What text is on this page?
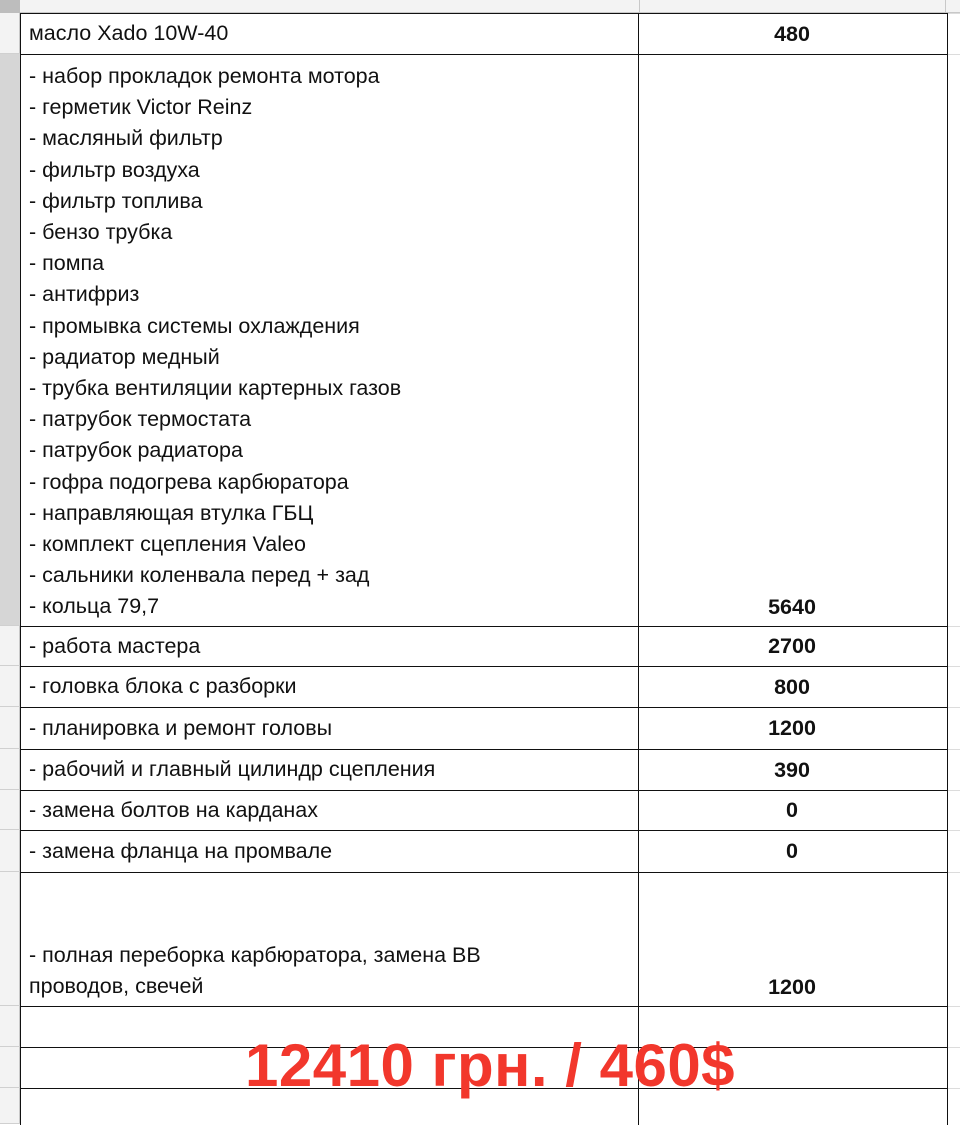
масло Xado 10W-40	480
- набор прокладок ремонта мотора
- герметик Victor Reinz
- масляный фильтр
- фильтр воздуха
- фильтр топлива
- бензо трубка
- помпа
- антифриз
- промывка системы охлаждения
- радиатор медный
- трубка вентиляции картерных газов
- патрубок термостата
- патрубок радиатора
- гофра подогрева карбюратора
- направляющая втулка ГБЦ
- комплект сцепления Valeo
- сальники коленвала перед + зад
- кольца 79,7	5640
- работа мастера	2700
- головка блока с разборки	800
- планировка и ремонт головы	1200
- рабочий и главный цилиндр сцепления	390
- замена болтов на карданах	0
- замена фланца на промвале	0
- полная переборка карбюратора, замена ВВ
проводов, свечей	1200
12410 грн. / 460$
